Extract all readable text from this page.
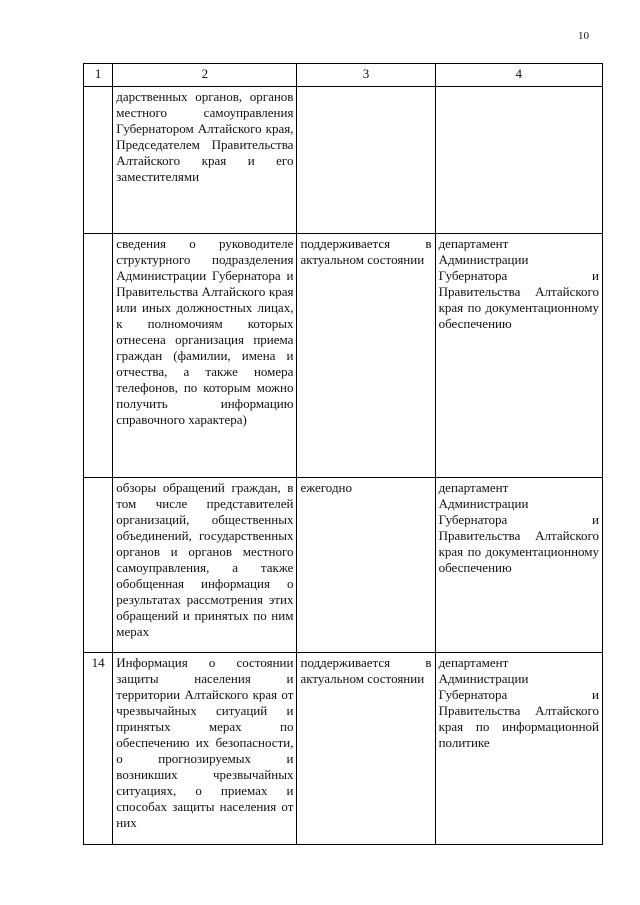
10
1	2	3	4
	дарственных органов, органов местного самоуправления Губернатором Алтайского края, Председателем Правительства Алтайского края и его заместителями		
	сведения о руководителе структурного подразделения Администрации Губернатора и Правительства Алтайского края или иных должностных лицах, к полномочиям которых отнесена организация приема граждан (фамилии, имена и отчества, а также номера телефонов, по которым можно получить информацию справочного характера)	поддерживается в актуальном состоянии	департамент Администрации Губернатора и Правительства Алтайского края по документационному обеспечению
	обзоры обращений граждан, в том числе представителей организаций, общественных объединений, государственных органов и органов местного самоуправления, а также обобщенная информация о результатах рассмотрения этих обращений и принятых по ним мерах	ежегодно	департамент Администрации Губернатора и Правительства Алтайского края по документационному обеспечению
14	Информация о состоянии защиты населения и территории Алтайского края от чрезвычайных ситуаций и принятых мерах по обеспечению их безопасности, о прогнозируемых и возникших чрезвычайных ситуациях, о приемах и способах защиты населения от них	поддерживается в актуальном состоянии	департамент Администрации Губернатора и Правительства Алтайского края по информационной политике
